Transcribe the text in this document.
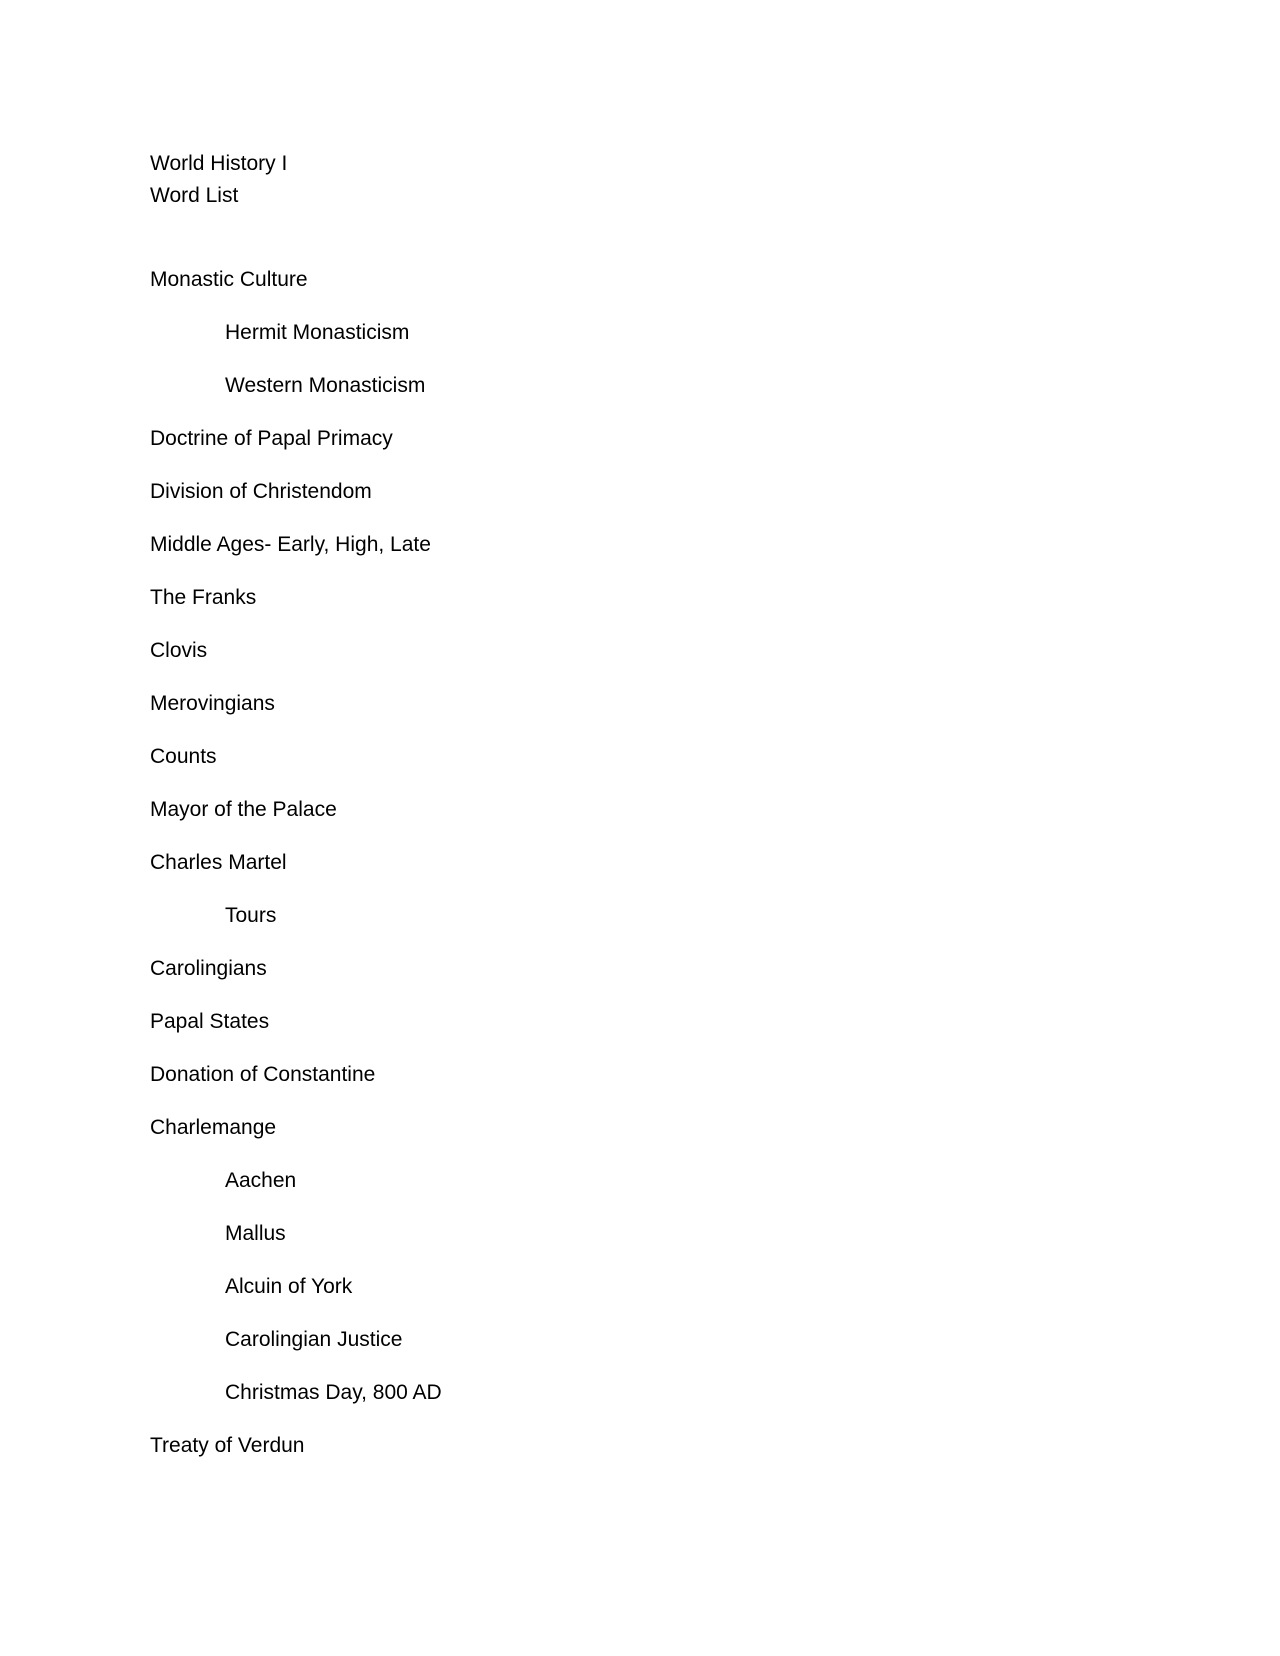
World History I
Word List
Monastic Culture
Hermit Monasticism
Western Monasticism
Doctrine of Papal Primacy
Division of Christendom
Middle Ages- Early, High, Late
The Franks
Clovis
Merovingians
Counts
Mayor of the Palace
Charles Martel
Tours
Carolingians
Papal States
Donation of Constantine
Charlemange
Aachen
Mallus
Alcuin of York
Carolingian Justice
Christmas Day, 800 AD
Treaty of Verdun
